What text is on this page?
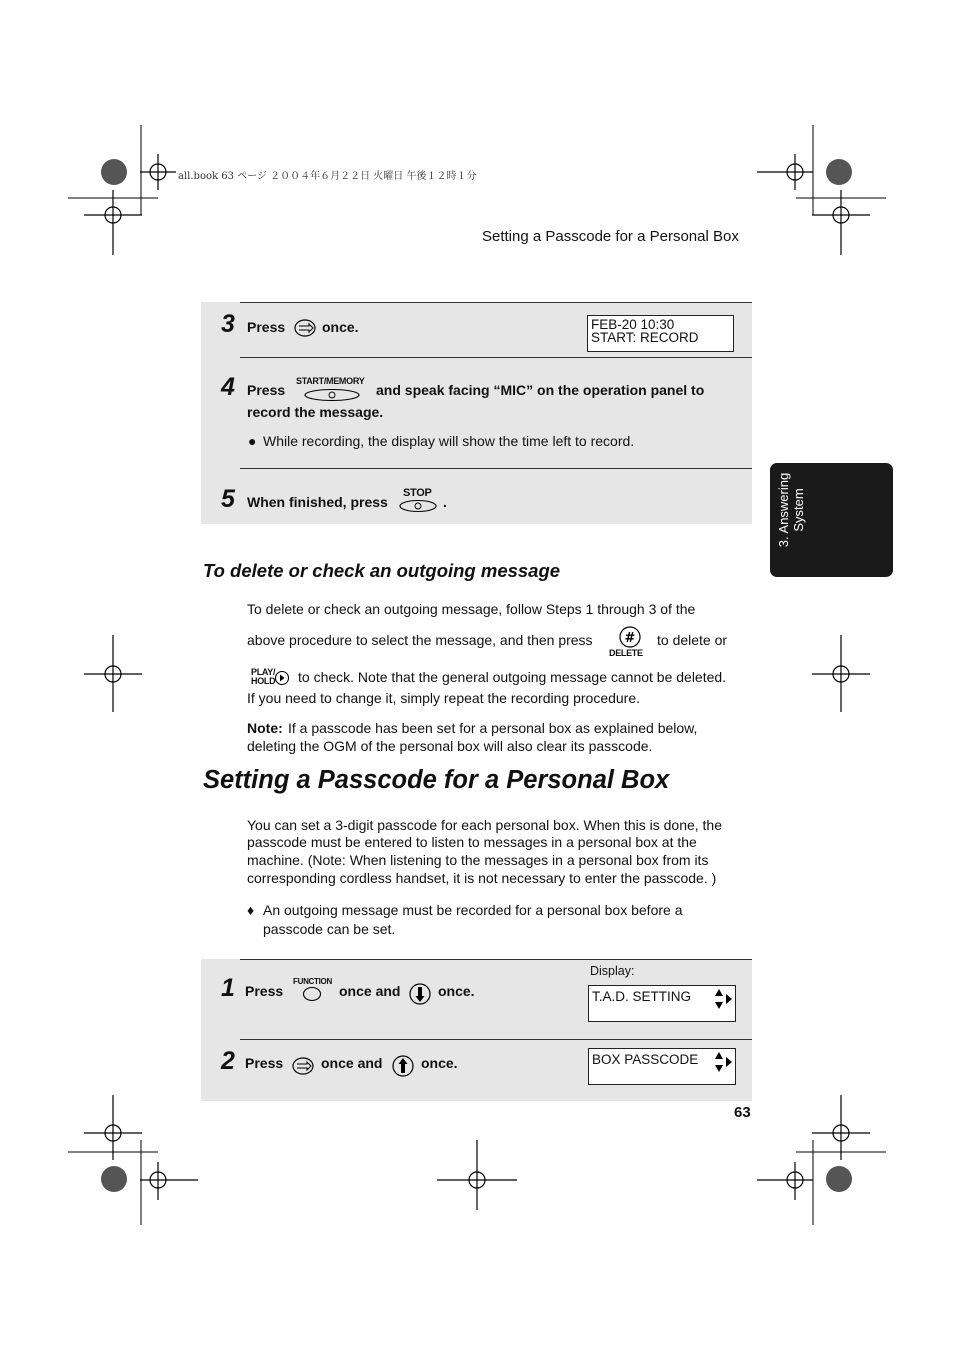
all.book 63 ページ ２００４年６月２２日 火曜日 午後１２時１分
Setting a Passcode for a Personal Box
3. Answering System
3 Press	once.	FEB-20 10:30
START: RECORD
4 Press
START/MEMORY
and speak facing “MIC” on the operation panel to
record the message.
● While recording, the display will show the time left to record.
5 When finished, press
STOP
.
To delete or check an outgoing message
To delete or check an outgoing message, follow Steps 1 through 3 of the
above procedure to select the message, and then press #
DELETE
to delete or
PLAY/
HOLD to check. Note that the general outgoing message cannot be deleted.
If you need to change it, simply repeat the recording procedure.
Note: If a passcode has been set for a personal box as explained below,
deleting the OGM of the personal box will also clear its passcode.
Setting a Passcode for a Personal Box
You can set a 3-digit passcode for each personal box. When this is done, the
passcode must be entered to listen to messages in a personal box at the
machine. (Note: When listening to the messages in a personal box from its
corresponding cordless handset, it is not necessary to enter the passcode. )
♦ An outgoing message must be recorded for a personal box before a
passcode can be set.
1 Press
FUNCTION
once and	once.
Display:
T.A.D. SETTING
2 Press	once and	once.	BOX PASSCODE
63
